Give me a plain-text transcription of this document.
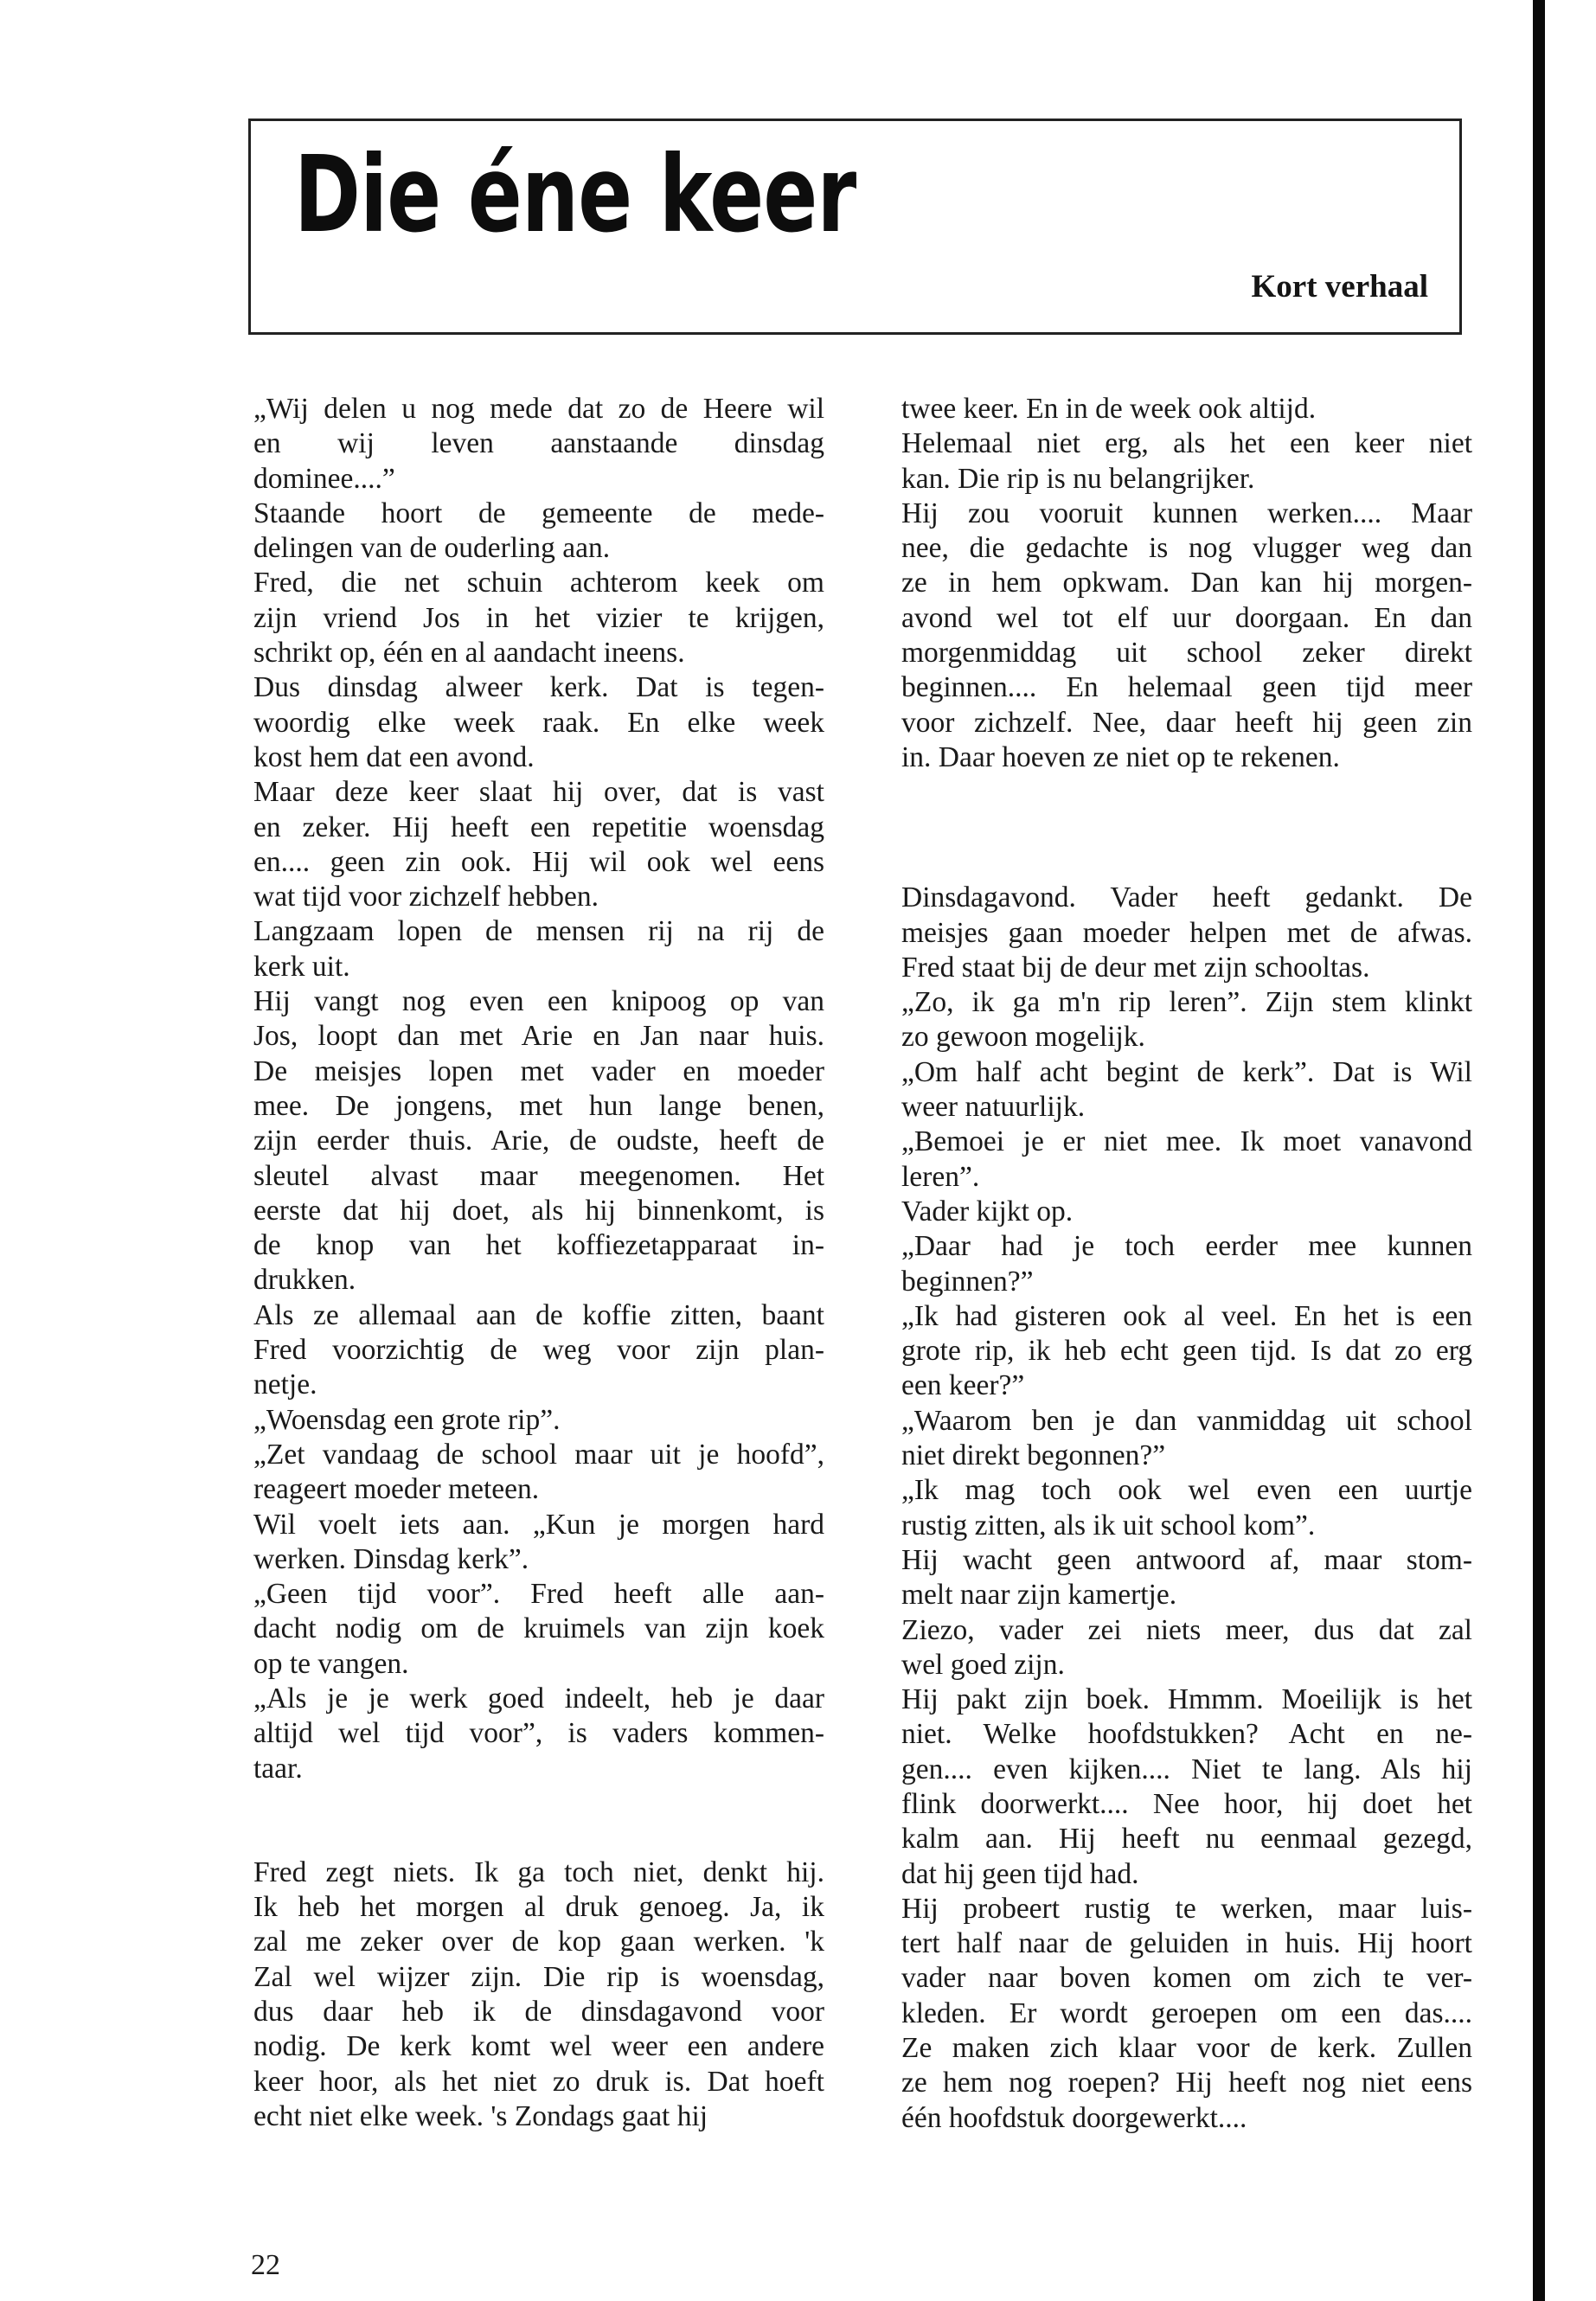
Die éne keer
Kort verhaal
„Wij delen u nog mede dat zo de Heere wil
en wij leven aanstaande dinsdag
dominee....”
Staande hoort de gemeente de mede-
delingen van de ouderling aan.
Fred, die net schuin achterom keek om
zijn vriend Jos in het vizier te krijgen,
schrikt op, één en al aandacht ineens.
Dus dinsdag alweer kerk. Dat is tegen-
woordig elke week raak. En elke week
kost hem dat een avond.
Maar deze keer slaat hij over, dat is vast
en zeker. Hij heeft een repetitie woensdag
en.... geen zin ook. Hij wil ook wel eens
wat tijd voor zichzelf hebben.
Langzaam lopen de mensen rij na rij de
kerk uit.
Hij vangt nog even een knipoog op van
Jos, loopt dan met Arie en Jan naar huis.
De meisjes lopen met vader en moeder
mee. De jongens, met hun lange benen,
zijn eerder thuis. Arie, de oudste, heeft de
sleutel alvast maar meegenomen. Het
eerste dat hij doet, als hij binnenkomt, is
de knop van het koffiezetapparaat in-
drukken.
Als ze allemaal aan de koffie zitten, baant
Fred voorzichtig de weg voor zijn plan-
netje.
„Woensdag een grote rip”.
„Zet vandaag de school maar uit je hoofd”,
reageert moeder meteen.
Wil voelt iets aan. „Kun je morgen hard
werken. Dinsdag kerk”.
„Geen tijd voor”. Fred heeft alle aan-
dacht nodig om de kruimels van zijn koek
op te vangen.
„Als je je werk goed indeelt, heb je daar
altijd wel tijd voor”, is vaders kommen-
taar.
Fred zegt niets. Ik ga toch niet, denkt hij.
Ik heb het morgen al druk genoeg. Ja, ik
zal me zeker over de kop gaan werken. 'k
Zal wel wijzer zijn. Die rip is woensdag,
dus daar heb ik de dinsdagavond voor
nodig. De kerk komt wel weer een andere
keer hoor, als het niet zo druk is. Dat hoeft
echt niet elke week. 's Zondags gaat hij
twee keer. En in de week ook altijd.
Helemaal niet erg, als het een keer niet
kan. Die rip is nu belangrijker.
Hij zou vooruit kunnen werken.... Maar
nee, die gedachte is nog vlugger weg dan
ze in hem opkwam. Dan kan hij morgen-
avond wel tot elf uur doorgaan. En dan
morgenmiddag uit school zeker direkt
beginnen.... En helemaal geen tijd meer
voor zichzelf. Nee, daar heeft hij geen zin
in. Daar hoeven ze niet op te rekenen.
Dinsdagavond. Vader heeft gedankt. De
meisjes gaan moeder helpen met de afwas.
Fred staat bij de deur met zijn schooltas.
„Zo, ik ga m'n rip leren”. Zijn stem klinkt
zo gewoon mogelijk.
„Om half acht begint de kerk”. Dat is Wil
weer natuurlijk.
„Bemoei je er niet mee. Ik moet vanavond
leren”.
Vader kijkt op.
„Daar had je toch eerder mee kunnen
beginnen?”
„Ik had gisteren ook al veel. En het is een
grote rip, ik heb echt geen tijd. Is dat zo erg
een keer?”
„Waarom ben je dan vanmiddag uit school
niet direkt begonnen?”
„Ik mag toch ook wel even een uurtje
rustig zitten, als ik uit school kom”.
Hij wacht geen antwoord af, maar stom-
melt naar zijn kamertje.
Ziezo, vader zei niets meer, dus dat zal
wel goed zijn.
Hij pakt zijn boek. Hmmm. Moeilijk is het
niet. Welke hoofdstukken? Acht en ne-
gen.... even kijken.... Niet te lang. Als hij
flink doorwerkt.... Nee hoor, hij doet het
kalm aan. Hij heeft nu eenmaal gezegd,
dat hij geen tijd had.
Hij probeert rustig te werken, maar luis-
tert half naar de geluiden in huis. Hij hoort
vader naar boven komen om zich te ver-
kleden. Er wordt geroepen om een das....
Ze maken zich klaar voor de kerk. Zullen
ze hem nog roepen? Hij heeft nog niet eens
één hoofdstuk doorgewerkt....
22
